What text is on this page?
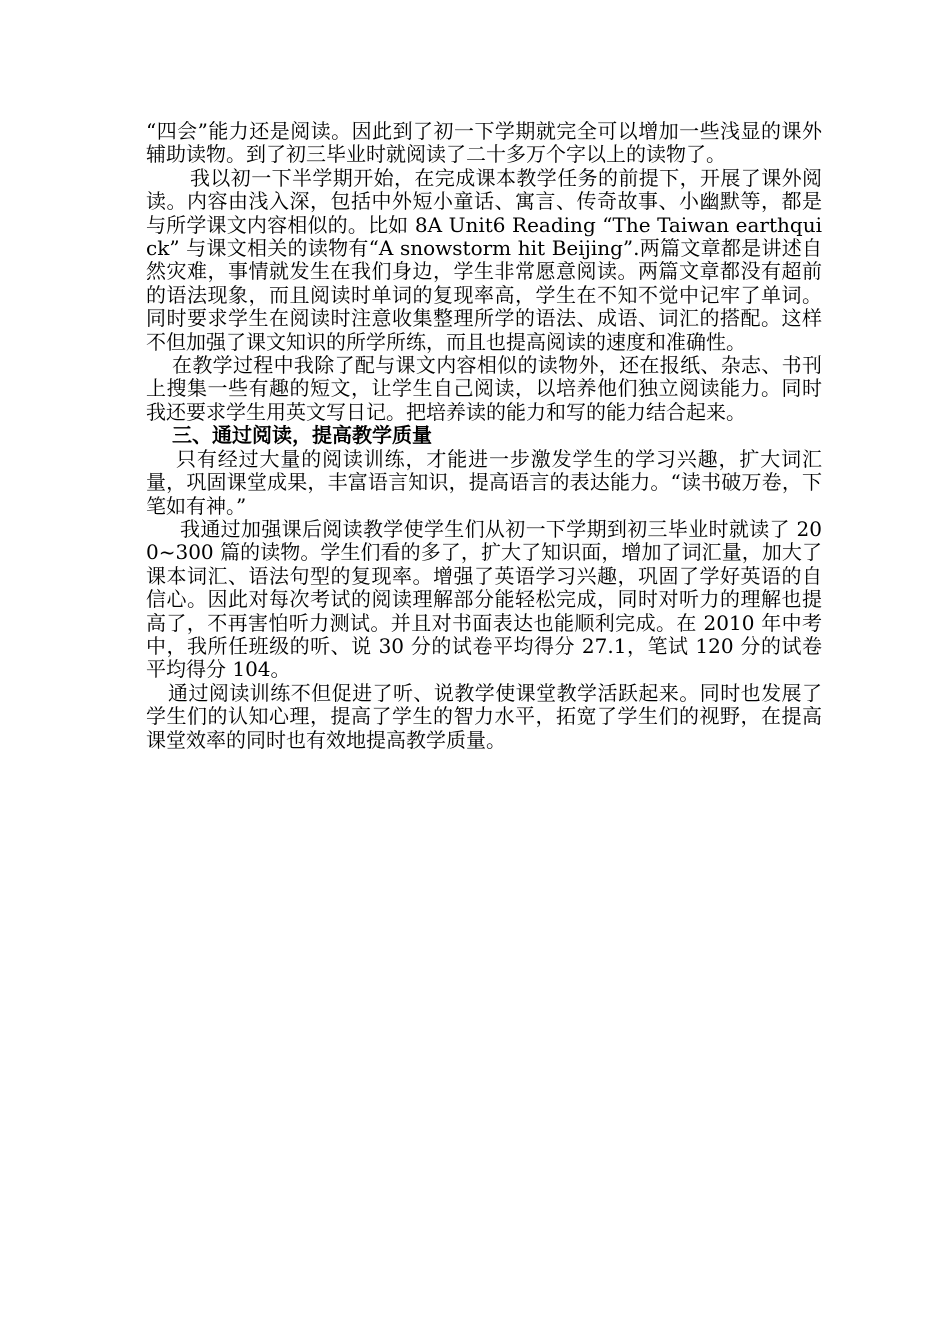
“四会”能力还是阅读。因此到了初一下学期就完全可以增加一些浅显的课外辅助读物。到了初三毕业时就阅读了二十多万个字以上的读物了。

我以初一下半学期开始，在完成课本教学任务的前提下，开展了课外阅读。内容由浅入深，包括中外短小童话、寓言、传奇故事、小幽默等，都是与所学课文内容相似的。比如 8A Unit6 Reading “The Taiwan earthquick” 与课文相关的读物有“A snowstorm hit Beijing”.两篇文章都是讲述自然灾难，事情就发生在我们身边，学生非常愿意阅读。两篇文章都没有超前的语法现象，而且阅读时单词的复现率高，学生在不知不觉中记牢了单词。同时要求学生在阅读时注意收集整理所学的语法、成语、词汇的搭配。这样不但加强了课文知识的所学所练，而且也提高阅读的速度和准确性。

在教学过程中我除了配与课文内容相似的读物外，还在报纸、杂志、书刊上搜集一些有趣的短文，让学生自己阅读，以培养他们独立阅读能力。同时我还要求学生用英文写日记。把培养读的能力和写的能力结合起来。

三、通过阅读，提高教学质量

只有经过大量的阅读训练，才能进一步激发学生的学习兴趣，扩大词汇量，巩固课堂成果，丰富语言知识，提高语言的表达能力。“读书破万卷，下笔如有神。”

我通过加强课后阅读教学使学生们从初一下学期到初三毕业时就读了 200~300 篇的读物。学生们看的多了，扩大了知识面，增加了词汇量，加大了课本词汇、语法句型的复现率。增强了英语学习兴趣，巩固了学好英语的自信心。因此对每次考试的阅读理解部分能轻松完成，同时对听力的理解也提高了，不再害怕听力测试。并且对书面表达也能顺利完成。在 2010 年中考中，我所任班级的听、说 30 分的试卷平均得分 27.1，笔试 120 分的试卷平均得分 104。

通过阅读训练不但促进了听、说教学使课堂教学活跃起来。同时也发展了学生们的认知心理，提高了学生的智力水平，拓宽了学生们的视野，在提高课堂效率的同时也有效地提高教学质量。
